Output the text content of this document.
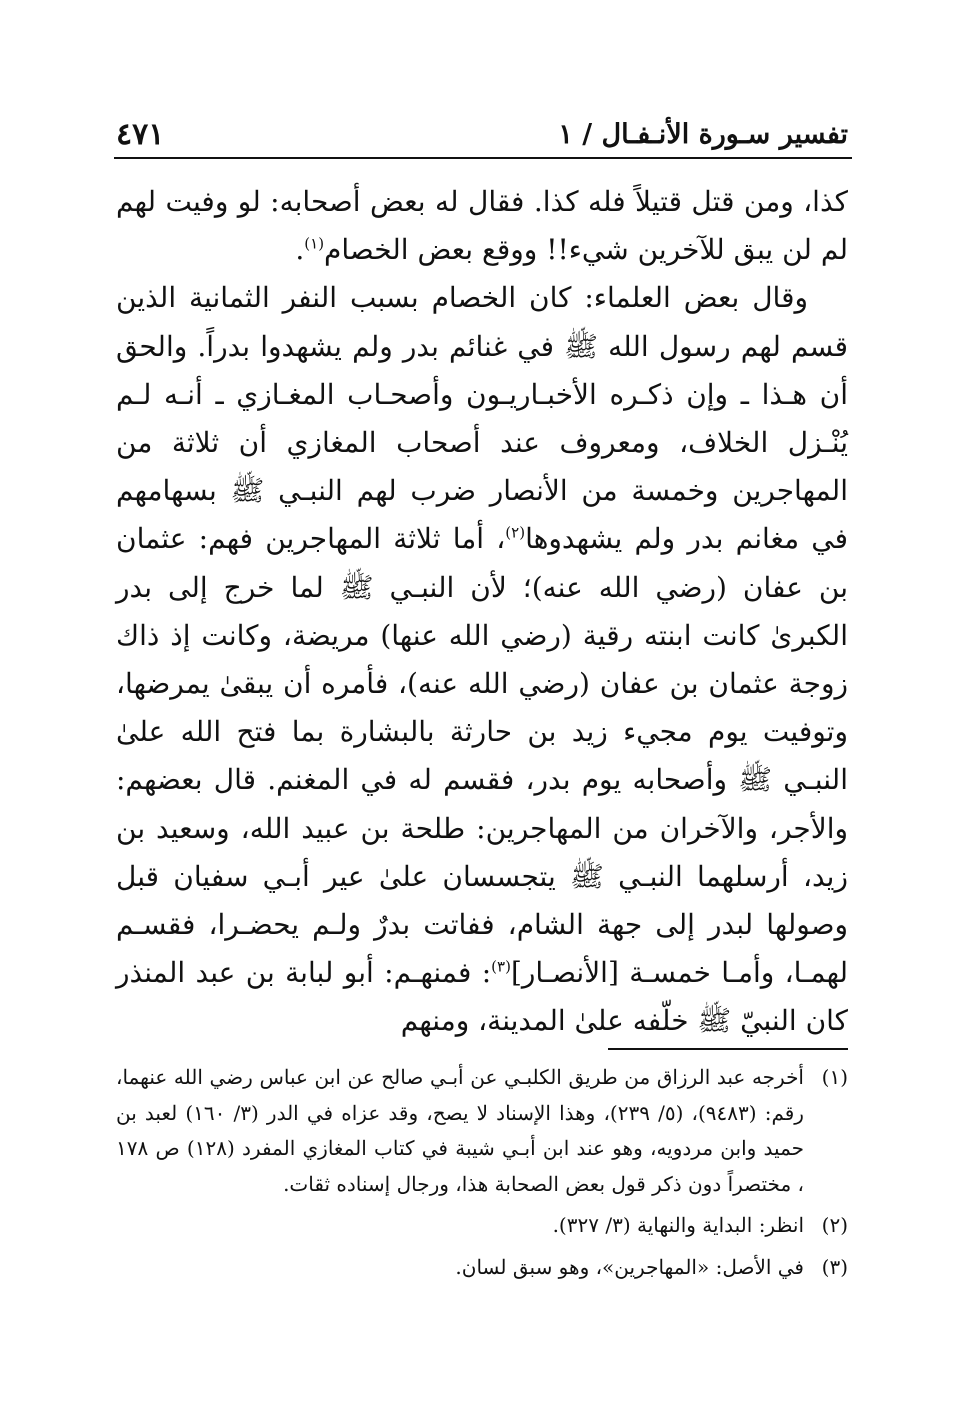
تفسير سـورة الأنـفـال / ١
٤٧١

كذا، ومن قتل قتيلاً فله كذا. فقال له بعض أصحابه: لو وفيت لهم لم لن يبق للآخرين شيء!! ووقع بعض الخصام$^{(١)}$.

وقال بعض العلماء: كان الخصام بسبب النفر الثمانية الذين قسم لهم رسول الله ﷺ في غنائم بدر ولم يشهدوا بدراً. والحق أن هـذا ـ وإن ذكـره الأخبـاريـون وأصحـاب المغـازي ـ أنـه لـم يُنْـزل الخلاف، ومعروف عند أصحاب المغازي أن ثلاثة من المهاجرين وخمسة من الأنصار ضرب لهم النبـي ﷺ بسهامهم في مغانم بدر ولم يشهدوها$^{(٢)}$، أما ثلاثة المهاجرين فهم: عثمان بن عفان (رضي الله عنه)؛ لأن النبـي ﷺ لما خرج إلى بدر الكبرىٰ كانت ابنته رقية (رضي الله عنها) مريضة، وكانت إذ ذاك زوجة عثمان بن عفان (رضي الله عنه)، فأمره أن يبقىٰ يمرضها، وتوفيت يوم مجيء زيد بن حارثة بالبشارة بما فتح الله علىٰ النبـي ﷺ وأصحابه يوم بدر، فقسم له في المغنم. قال بعضهم: والأجر، والآخران من المهاجرين: طلحة بن عبيد الله، وسعيد بن زيد، أرسلهما النبـي ﷺ يتجسسان علىٰ عير أبـي سفيان قبل وصولها لبدر إلى جهة الشام، ففاتت بدرٌ ولـم يحضـرا، فقسـم لهمـا، وأمـا خمسـة [الأنصـار]$^{(٣)}$: فمنهـم: أبو لبابة بن عبد المنذر كان النبيّ ﷺ خلّفه علىٰ المدينة، ومنهم

(١)
أخرجه عبد الرزاق من طريق الكلبـي عن أبـي صالح عن ابن عباس رضي الله عنهما، رقم: (٩٤٨٣)، (٥/ ٢٣٩)، وهذا الإسناد لا يصح، وقد عزاه في الدر (٣/ ١٦٠) لعبد بن حميد وابن مردويه، وهو عند ابن أبـي شيبة في كتاب المغازي المفرد (١٢٨) ص ١٧٨ ، مختصراً دون ذكر قول بعض الصحابة هذا، ورجال إسناده ثقات.
(٢)
انظر: البداية والنهاية (٣/ ٣٢٧).
(٣)
في الأصل: «المهاجرين»، وهو سبق لسان.
